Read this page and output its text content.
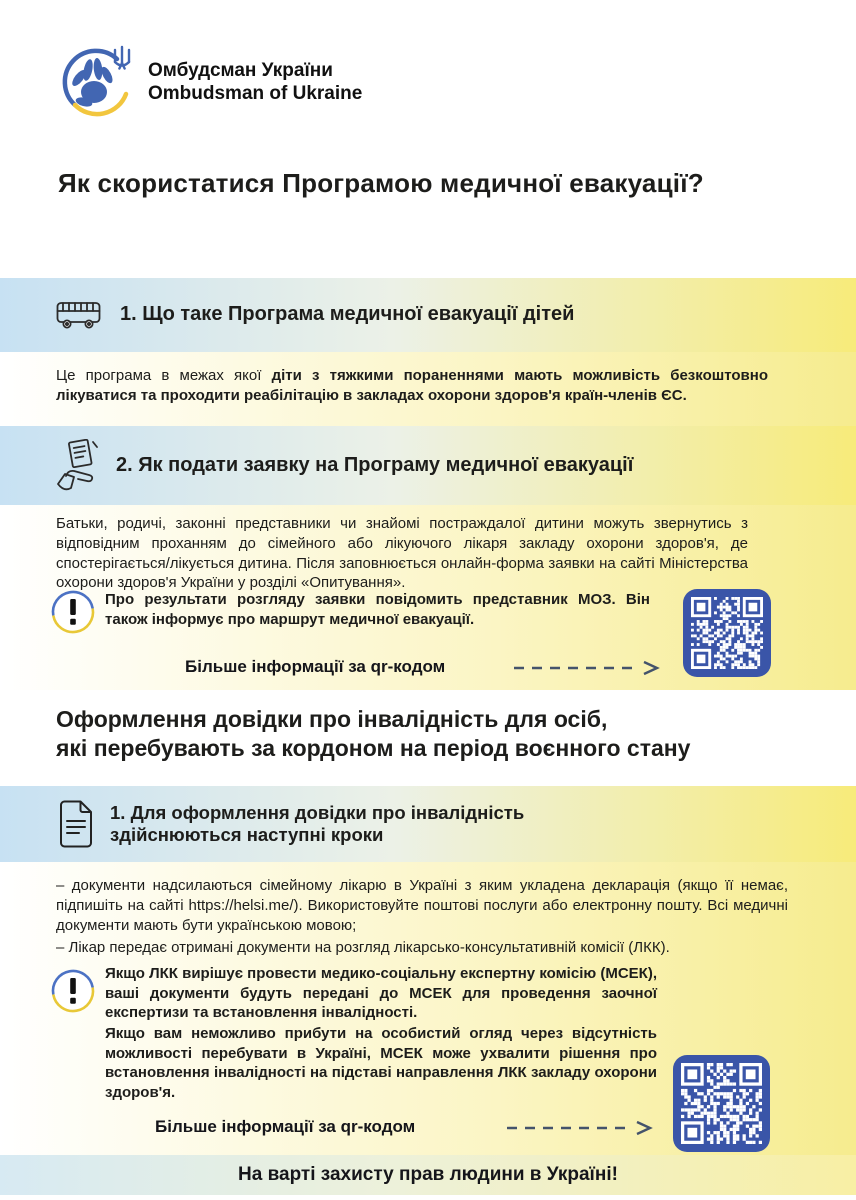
Омбудсман України
Ombudsman of Ukraine
Як скористатися Програмою медичної евакуації?
1. Що таке Програма медичної евакуації дітей
Це програма в межах якої діти з тяжкими пораненнями мають можливість безкоштовно лікуватися та проходити реабілітацію в закладах охорони здоров'я країн-членів ЄС.
2. Як подати заявку на Програму медичної евакуації
Батьки, родичі, законні представники чи знайомі постраждалої дитини можуть звернутись з відповідним проханням до сімейного або лікуючого лікаря закладу охорони здоров'я, де спостерігається/лікується дитина. Після заповнюється онлайн-форма заявки на сайті Міністерства охорони здоров'я України у розділі «Опитування».
Про результати розгляду заявки повідомить представник МОЗ. Він також інформує про маршрут медичної евакуації.
Більше інформації за qr-кодом
Оформлення довідки про інвалідність для осіб,
які перебувають за кордоном на період воєнного стану
1. Для оформлення довідки про інвалідність
здійснюються наступні кроки
– документи надсилаються сімейному лікарю в Україні з яким укладена декларація (якщо її немає, підпишіть на сайті https://helsi.me/). Використовуйте поштові послуги або електронну пошту. Всі медичні документи мають бути українською мовою;
– Лікар передає отримані документи на розгляд лікарсько-консультативній комісії (ЛКК).
Якщо ЛКК вирішує провести медико-соціальну експертну комісію (МСЕК), ваші документи будуть передані до МСЕК для проведення заочної експертизи та встановлення інвалідності.
Якщо вам неможливо прибути на особистий огляд через відсутність можливості перебувати в Україні, МСЕК може ухвалити рішення про встановлення інвалідності на підставі направлення ЛКК закладу охорони здоров'я.
Більше інформації за qr-кодом
На варті захисту прав людини в Україні!
